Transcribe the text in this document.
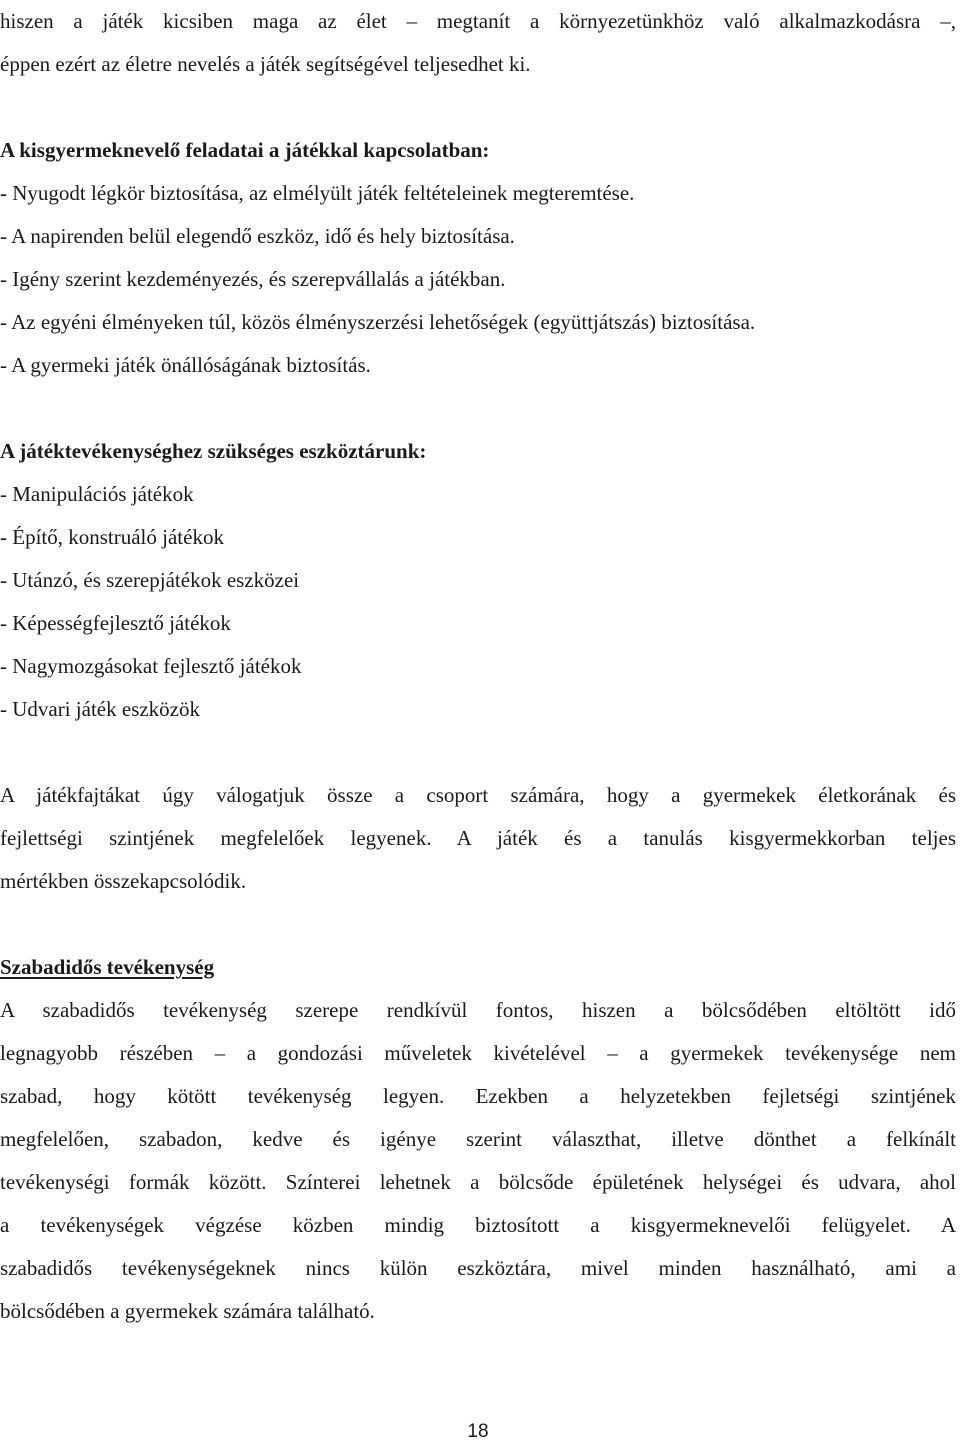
hiszen a játék kicsiben maga az élet – megtanít a környezetünkhöz való alkalmazkodásra –,

éppen ezért az életre nevelés a játék segítségével teljesedhet ki.

A kisgyermeknevelő feladatai a játékkal kapcsolatban:

- Nyugodt légkör biztosítása, az elmélyült játék feltételeinek megteremtése.

- A napirenden belül elegendő eszköz, idő és hely biztosítása.

- Igény szerint kezdeményezés, és szerepvállalás a játékban.

- Az egyéni élményeken túl, közös élményszerzési lehetőségek (együttjátszás) biztosítása.

- A gyermeki játék önállóságának biztosítás.

A játéktevékenységhez szükséges eszköztárunk:

- Manipulációs játékok

- Építő, konstruáló játékok

- Utánzó, és szerepjátékok eszközei

- Képességfejlesztő játékok

- Nagymozgásokat fejlesztő játékok

- Udvari játék eszközök

A játékfajtákat úgy válogatjuk össze a csoport számára, hogy a gyermekek életkorának és

fejlettségi szintjének megfelelőek legyenek. A játék és a tanulás kisgyermekkorban teljes

mértékben összekapcsolódik.

Szabadidős tevékenység

A szabadidős tevékenység szerepe rendkívül fontos, hiszen a bölcsődében eltöltött idő

legnagyobb részében – a gondozási műveletek kivételével – a gyermekek tevékenysége nem

szabad, hogy kötött tevékenység legyen. Ezekben a helyzetekben fejletségi szintjének

megfelelően, szabadon, kedve és igénye szerint választhat, illetve dönthet a felkínált

tevékenységi formák között. Színterei lehetnek a bölcsőde épületének helységei és udvara, ahol

a tevékenységek végzése közben mindig biztosított a kisgyermeknevelői felügyelet. A

szabadidős tevékenységeknek nincs külön eszköztára, mivel minden használható, ami a

bölcsődében a gyermekek számára található.

18
